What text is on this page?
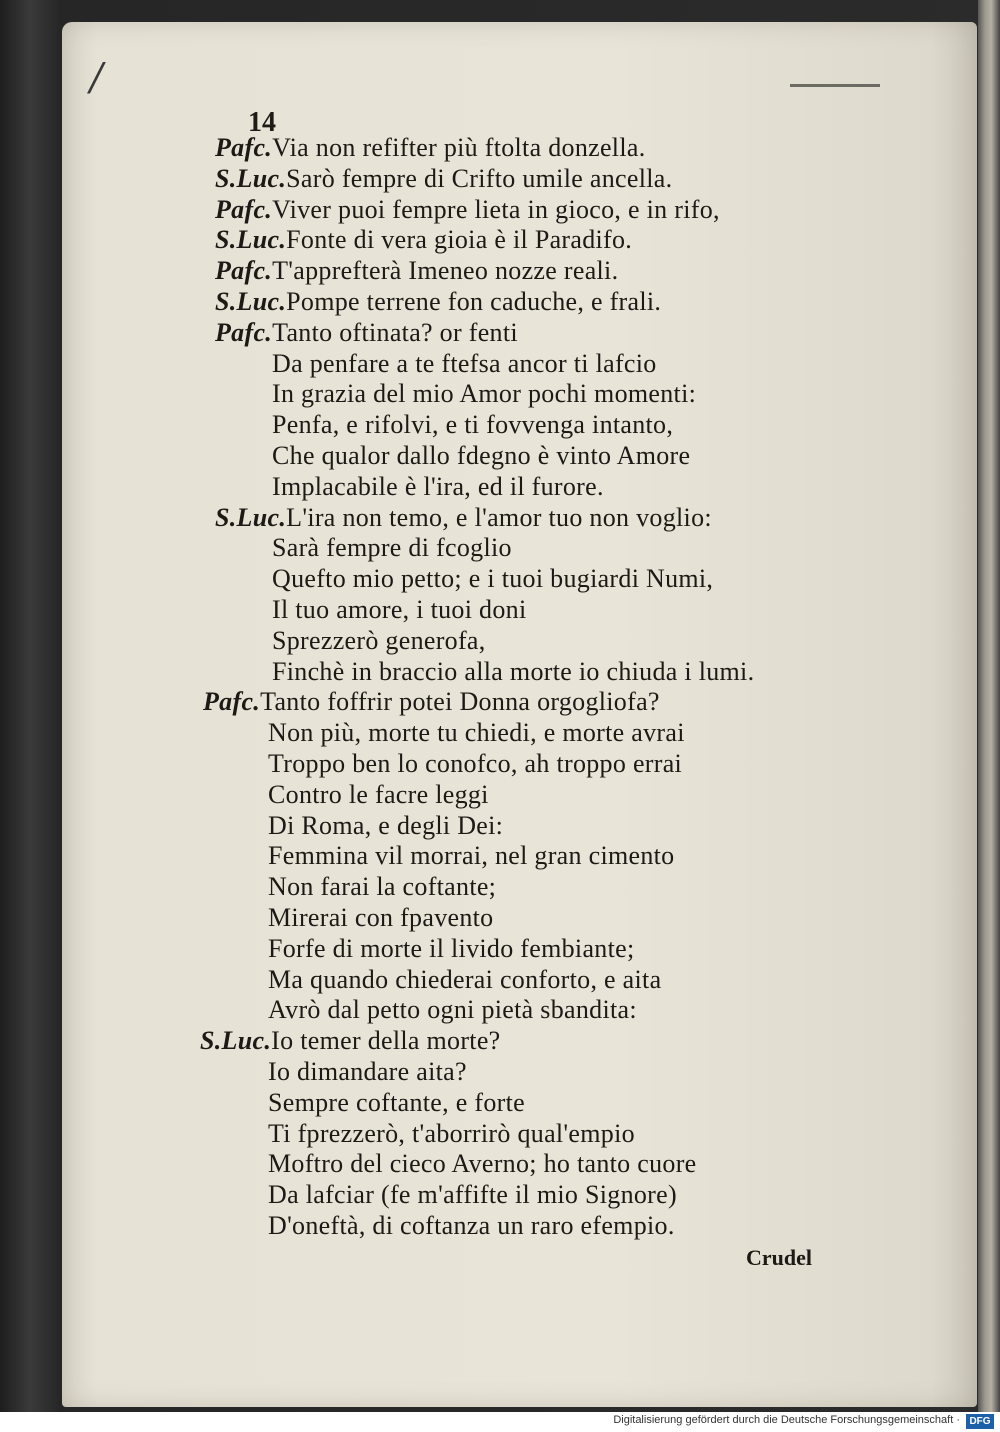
/
14
Pafc.Via non refifter più ftolta donzella.
S.Luc.Sarò fempre di Crifto umile ancella.
Pafc.Viver puoi fempre lieta in gioco, e in rifo,
S.Luc.Fonte di vera gioia è il Paradifo.
Pafc.T'apprefterà Imeneo nozze reali.
S.Luc.Pompe terrene fon caduche, e frali.
Pafc.Tanto oftinata? or fenti
Da penfare a te ftefsa ancor ti lafcio
In grazia del mio Amor pochi momenti:
Penfa, e rifolvi, e ti fovvenga intanto,
Che qualor dallo fdegno è vinto Amore
Implacabile è l'ira, ed il furore.
S.Luc.L'ira non temo, e l'amor tuo non voglio:
Sarà fempre di fcoglio
Quefto mio petto; e i tuoi bugiardi Numi,
Il tuo amore, i tuoi doni
Sprezzerò generofa,
Finchè in braccio alla morte io chiuda i lumi.
Pafc.Tanto foffrir potei Donna orgogliofa?
Non più, morte tu chiedi, e morte avrai
Troppo ben lo conofco, ah troppo errai
Contro le facre leggi
Di Roma, e degli Dei:
Femmina vil morrai, nel gran cimento
Non farai la coftante;
Mirerai con fpavento
Forfe di morte il livido fembiante;
Ma quando chiederai conforto, e aita
Avrò dal petto ogni pietà sbandita:
S.Luc.Io temer della morte?
Io dimandare aita?
Sempre coftante, e forte
Ti fprezzerò, t'aborrirò qual'empio
Moftro del cieco Averno; ho tanto cuore
Da lafciar (fe m'affifte il mio Signore)
D'oneftà, di coftanza un raro efempio.
Crudel
Digitalisierung gefördert durch die Deutsche Forschungsgemeinschaft · DFG
